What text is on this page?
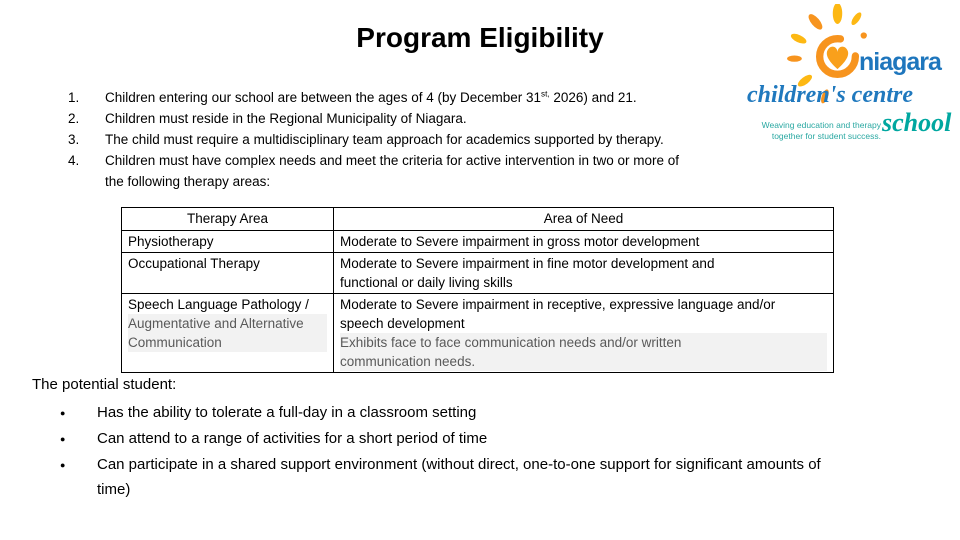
Program Eligibility
niagara
children's centre
school
Weaving education and therapy
together for student success.
1.	Children entering our school are between the ages of 4 (by December $31^{st,}$ 2026) and 21.
2.	Children must reside in the Regional Municipality of Niagara.
3.	The child must require a multidisciplinary team approach for academics supported by therapy.
4.	Children must have complex needs and meet the criteria for active intervention in two or more of
the following therapy areas:
Therapy Area	Area of Need
Physiotherapy	Moderate to Severe impairment in gross motor development
Occupational Therapy	Moderate to Severe impairment in fine motor development and
functional or daily living skills

Speech Language Pathology /
Augmentative and Alternative
Communication	Moderate to Severe impairment in receptive, expressive language and/or
speech development
Exhibits face to face communication needs and/or written
communication needs.
The potential student:
●	Has the ability to tolerate a full-day in a classroom setting
●	Can attend to a range of activities for a short period of time
●	Can participate in a shared support environment (without direct, one-to-one support for significant amounts of
time)
